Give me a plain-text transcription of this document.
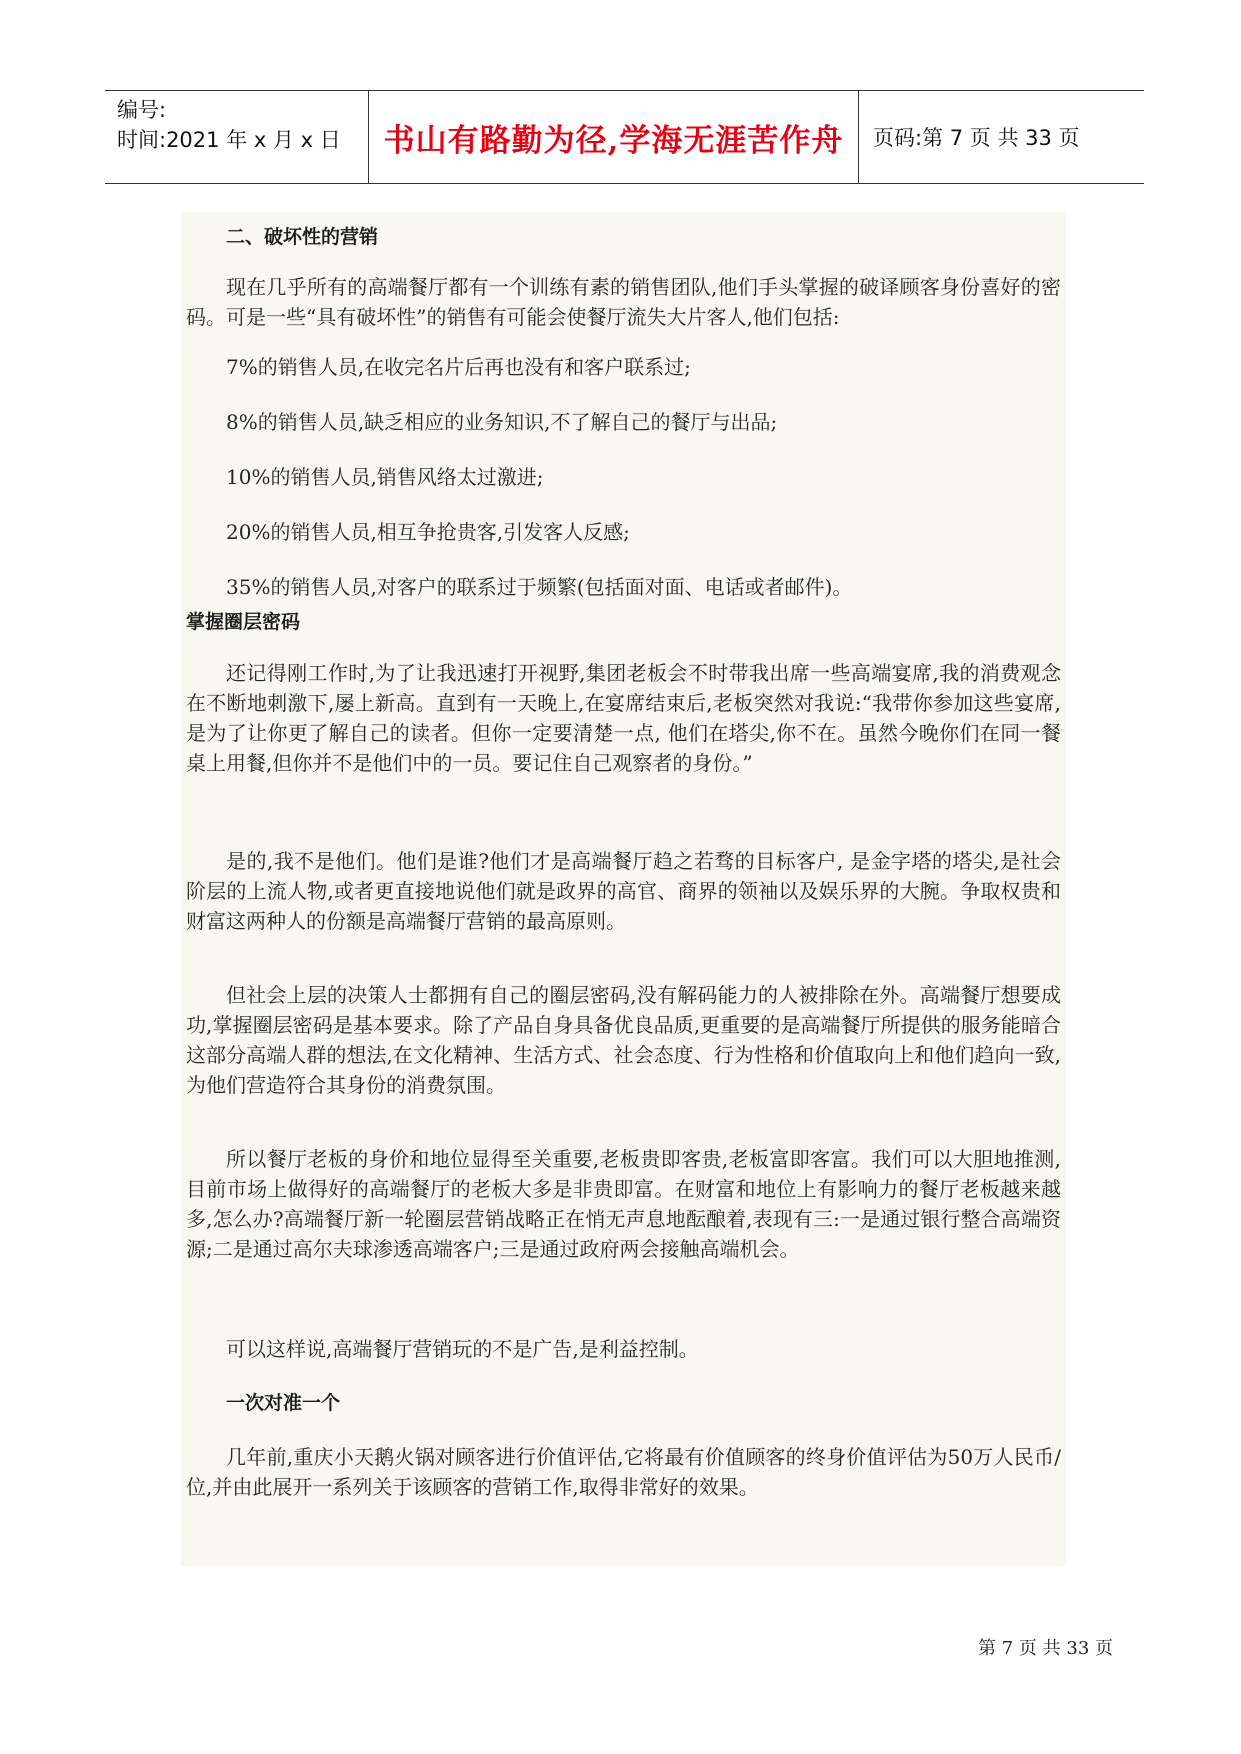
编号:
时间:2021 年 x 月 x 日	书山有路勤为径,学海无涯苦作舟	页码:第 7 页 共 33 页

二、破坏性的营销

现在几乎所有的高端餐厅都有一个训练有素的销售团队,他们手头掌握的破译顾客身份喜好的密码。可是一些“具有破坏性”的销售有可能会使餐厅流失大片客人,他们包括:

7%的销售人员,在收完名片后再也没有和客户联系过;

8%的销售人员,缺乏相应的业务知识,不了解自己的餐厅与出品;

10%的销售人员,销售风络太过激进;

20%的销售人员,相互争抢贵客,引发客人反感;

35%的销售人员,对客户的联系过于频繁(包括面对面、电话或者邮件)。

掌握圈层密码

还记得刚工作时,为了让我迅速打开视野,集团老板会不时带我出席一些高端宴席,我的消费观念在不断地刺激下,屡上新高。直到有一天晚上,在宴席结束后,老板突然对我说:“我带你参加这些宴席,是为了让你更了解自己的读者。但你一定要清楚一点, 他们在塔尖,你不在。虽然今晚你们在同一餐桌上用餐,但你并不是他们中的一员。要记住自己观察者的身份。”

是的,我不是他们。他们是谁?他们才是高端餐厅趋之若骛的目标客户, 是金字塔的塔尖,是社会阶层的上流人物,或者更直接地说他们就是政界的高官、商界的领袖以及娱乐界的大腕。争取权贵和财富这两种人的份额是高端餐厅营销的最高原则。

但社会上层的决策人士都拥有自己的圈层密码,没有解码能力的人被排除在外。高端餐厅想要成功,掌握圈层密码是基本要求。除了产品自身具备优良品质,更重要的是高端餐厅所提供的服务能暗合这部分高端人群的想法,在文化精神、生活方式、社会态度、行为性格和价值取向上和他们趋向一致,为他们营造符合其身份的消费氛围。

所以餐厅老板的身价和地位显得至关重要,老板贵即客贵,老板富即客富。我们可以大胆地推测,目前市场上做得好的高端餐厅的老板大多是非贵即富。在财富和地位上有影响力的餐厅老板越来越多,怎么办?高端餐厅新一轮圈层营销战略正在悄无声息地酝酿着,表现有三:一是通过银行整合高端资源;二是通过高尔夫球渗透高端客户;三是通过政府两会接触高端机会。

可以这样说,高端餐厅营销玩的不是广告,是利益控制。

一次对准一个

几年前,重庆小天鹅火锅对顾客进行价值评估,它将最有价值顾客的终身价值评估为50万人民币/位,并由此展开一系列关于该顾客的营销工作,取得非常好的效果。

第 7 页 共 33 页
